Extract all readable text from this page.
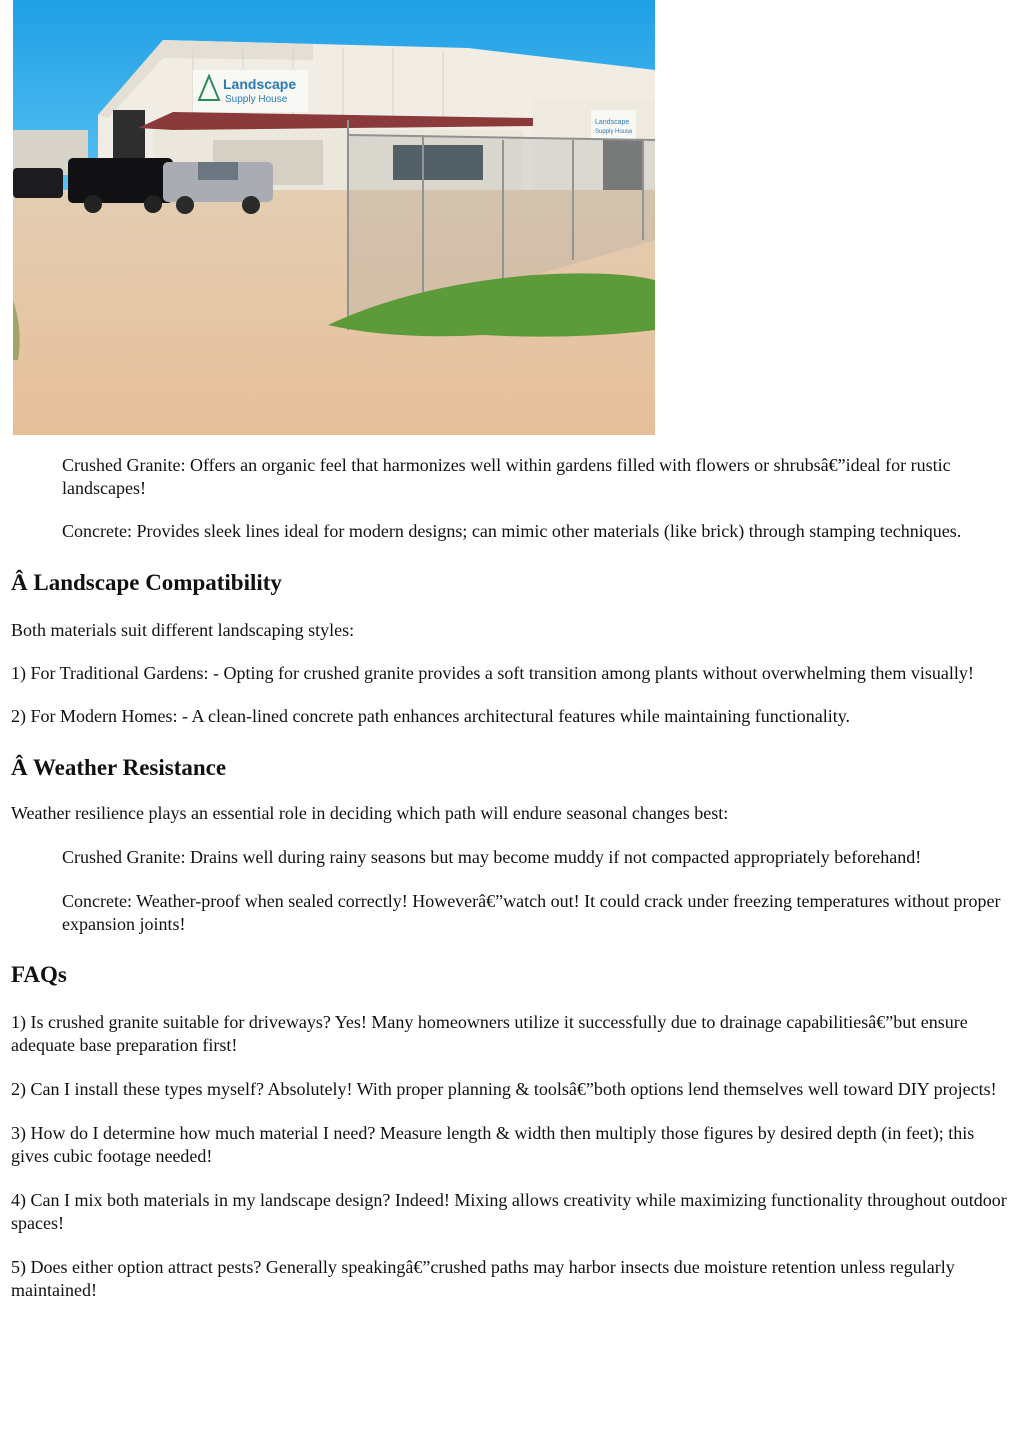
Landscape
Supply House
Landscape
Supply House

Crushed Granite: Offers an organic feel that harmonizes well within gardens filled with flowers or shrubsâ€”ideal for rustic landscapes!

Concrete: Provides sleek lines ideal for modern designs; can mimic other materials (like brick) through stamping techniques.

Â Landscape Compatibility

Both materials suit different landscaping styles:

1) For Traditional Gardens: - Opting for crushed granite provides a soft transition among plants without overwhelming them visually!

2) For Modern Homes: - A clean-lined concrete path enhances architectural features while maintaining functionality.

Â Weather Resistance

Weather resilience plays an essential role in deciding which path will endure seasonal changes best:

Crushed Granite: Drains well during rainy seasons but may become muddy if not compacted appropriately beforehand!

Concrete: Weather-proof when sealed correctly! Howeverâ€”watch out! It could crack under freezing temperatures without proper expansion joints!

FAQs

1) Is crushed granite suitable for driveways? Yes! Many homeowners utilize it successfully due to drainage capabilitiesâ€”but ensure adequate base preparation first!

2) Can I install these types myself? Absolutely! With proper planning & toolsâ€”both options lend themselves well toward DIY projects!

3) How do I determine how much material I need? Measure length & width then multiply those figures by desired depth (in feet); this gives cubic footage needed!

4) Can I mix both materials in my landscape design? Indeed! Mixing allows creativity while maximizing functionality throughout outdoor spaces!

5) Does either option attract pests? Generally speakingâ€”crushed paths may harbor insects due moisture retention unless regularly maintained!
